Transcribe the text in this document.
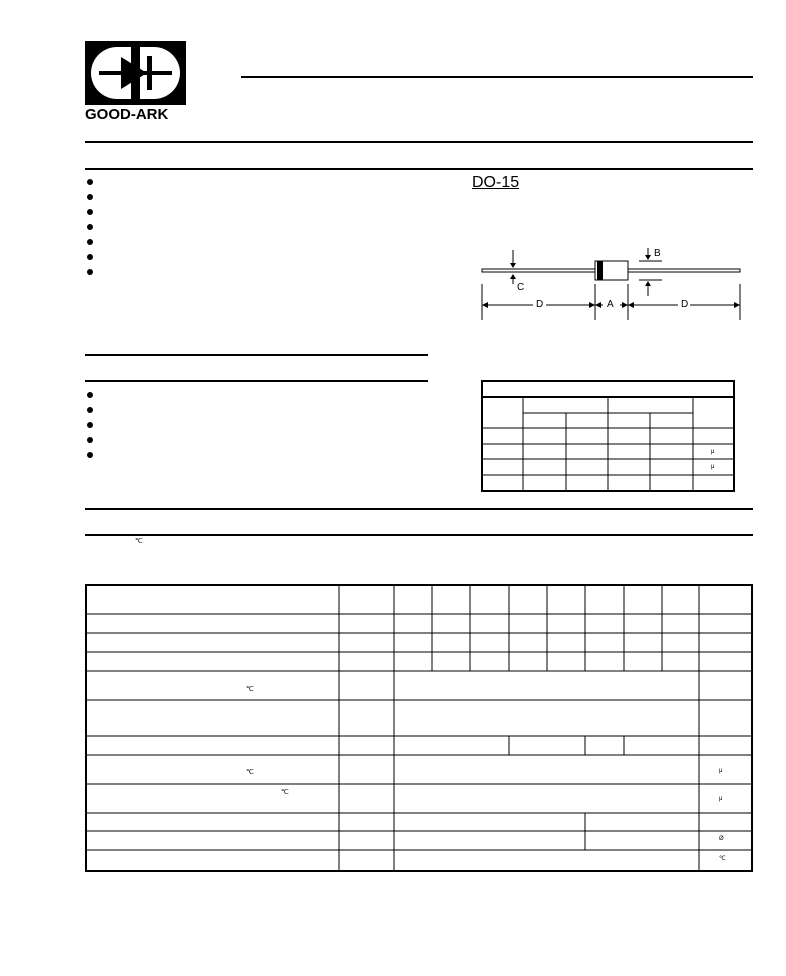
GOOD-ARK
DO-15
C
B
D	A	D
μ
μ
℃
℃
℃
℃
μ
μ
Ø
℃
